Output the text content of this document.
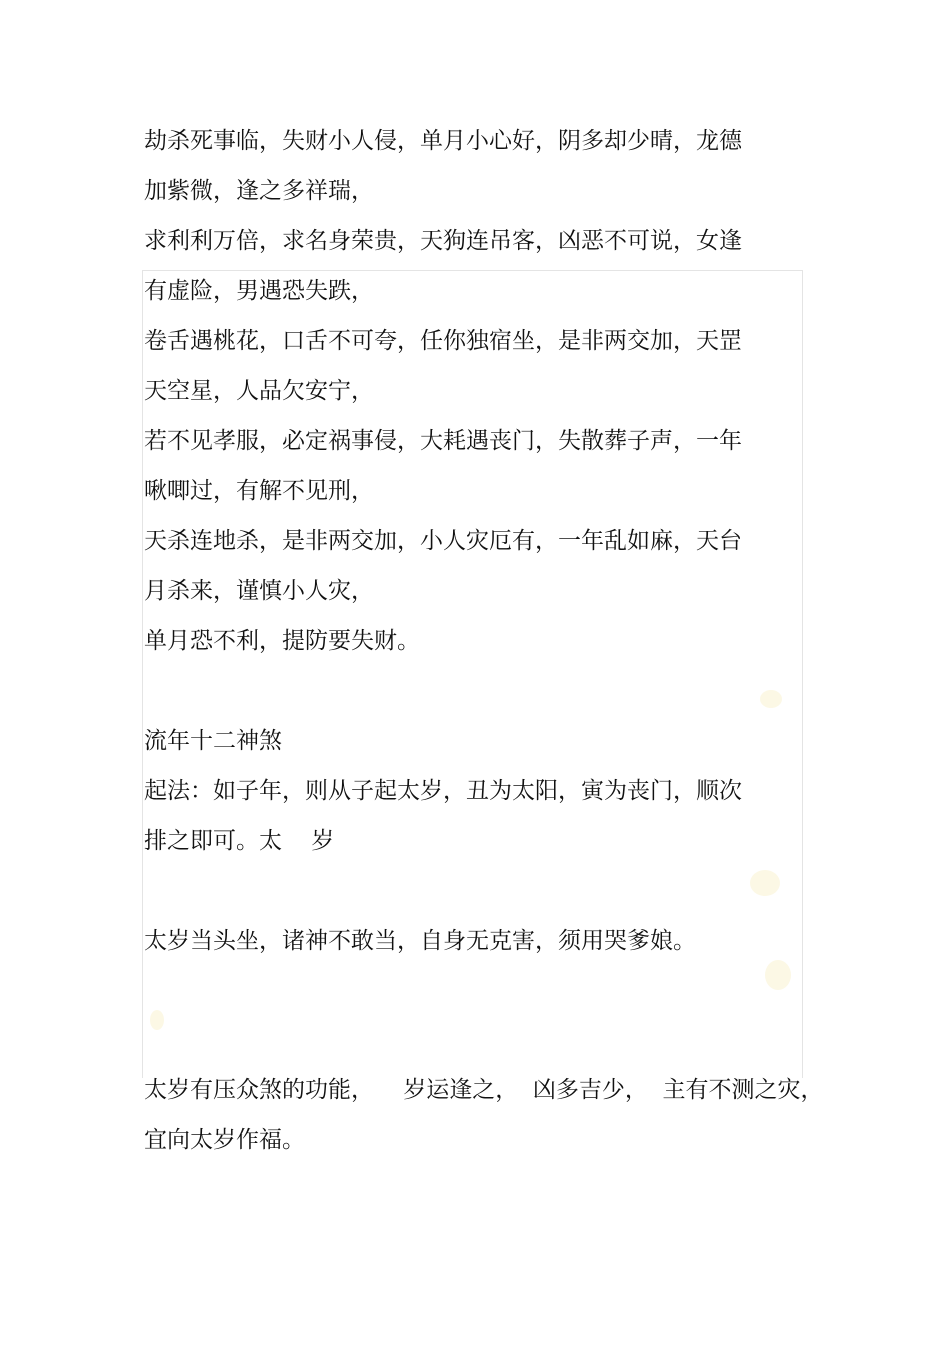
劫杀死事临，失财小人侵，单月小心好，阴多却少晴，龙德

加紫微，逢之多祥瑞，

求利利万倍，求名身荣贵，天狗连吊客，凶恶不可说，女逢

有虚险，男遇恐失跌，

卷舌遇桃花，口舌不可夸，任你独宿坐，是非两交加，天罡

天空星，人品欠安宁，

若不见孝服，必定祸事侵，大耗遇丧门，失散葬子声，一年

啾唧过，有解不见刑，

天杀连地杀，是非两交加，小人灾厄有，一年乱如麻，天台

月杀来，谨慎小人灾，

单月恐不利，提防要失财。

流年十二神煞

起法：如子年，则从子起太岁，丑为太阳，寅为丧门，顺次

排之即可。太    岁

太岁当头坐，诸神不敢当，自身无克害，须用哭爹娘。

太岁有压众煞的功能，    岁运逢之，  凶多吉少，  主有不测之灾，

宜向太岁作福。
